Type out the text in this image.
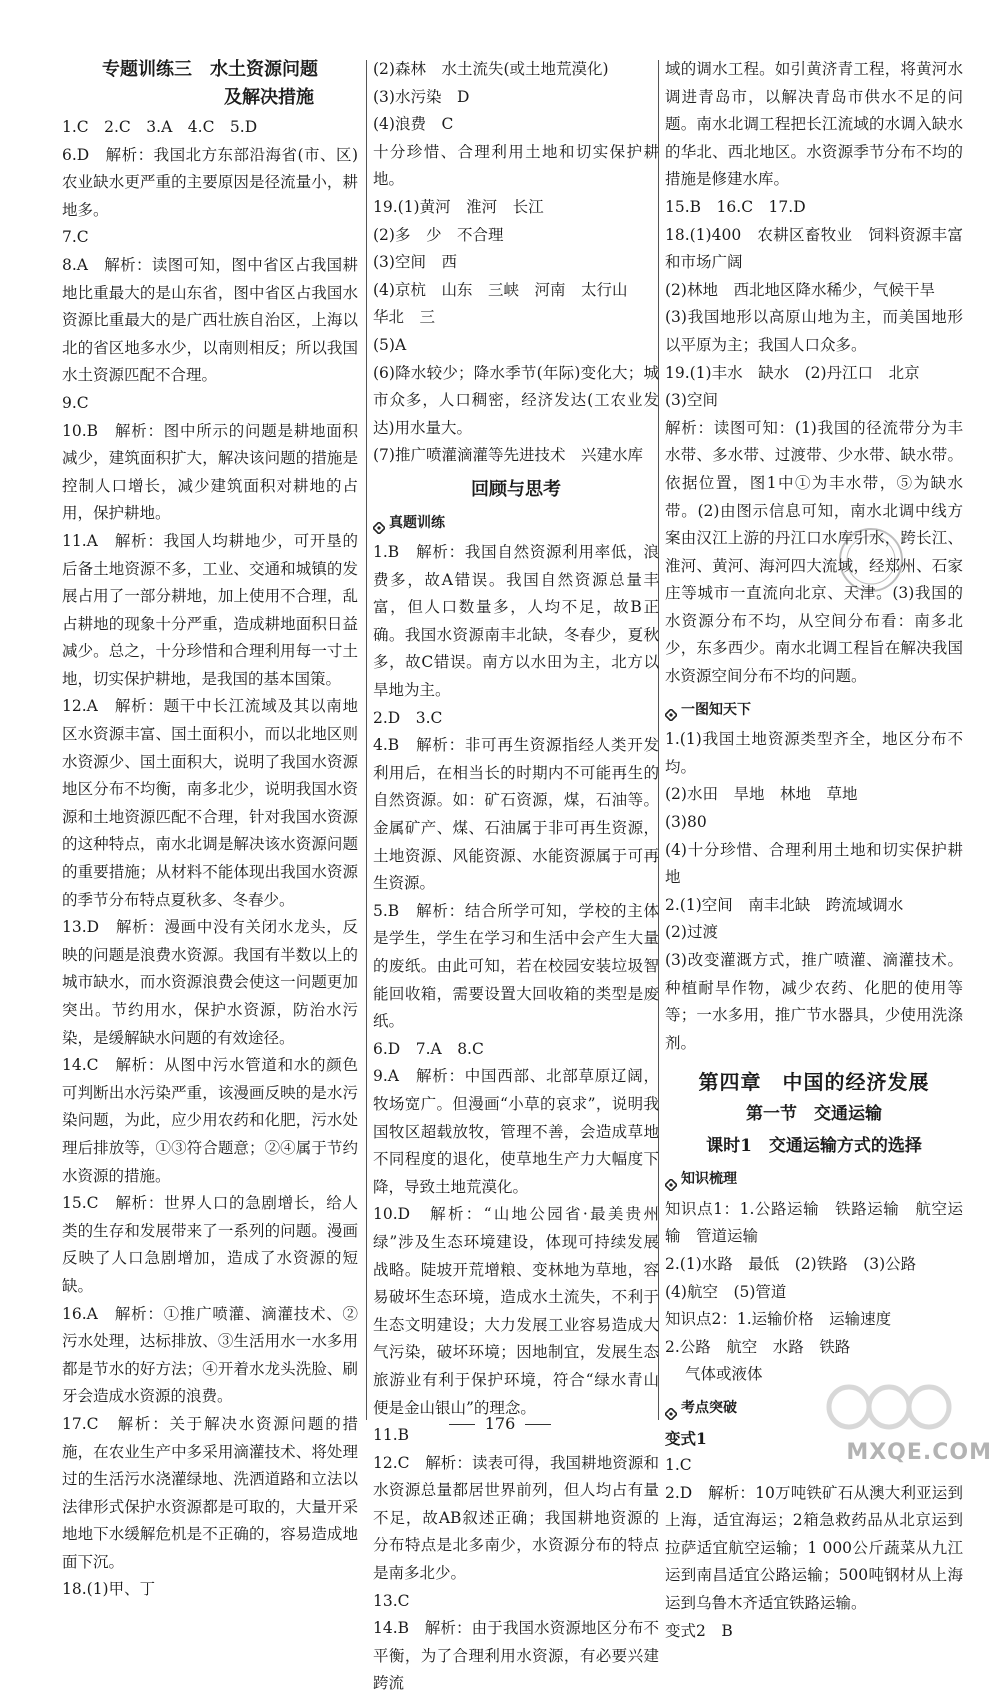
专题训练三　水土资源问题

及解决措施

1.C　2.C　3.A　4.C　5.D

6.D　解析：我国北方东部沿海省(市、区)农业缺水更严重的主要原因是径流量小，耕地多。

7.C

8.A　解析：读图可知，图中省区占我国耕地比重最大的是山东省，图中省区占我国水资源比重最大的是广西壮族自治区，上海以北的省区地多水少，以南则相反；所以我国水土资源匹配不合理。

9.C

10.B　解析：图中所示的问题是耕地面积减少，建筑面积扩大，解决该问题的措施是控制人口增长，减少建筑面积对耕地的占用，保护耕地。

11.A　解析：我国人均耕地少，可开垦的后备土地资源不多，工业、交通和城镇的发展占用了一部分耕地，加上使用不合理，乱占耕地的现象十分严重，造成耕地面积日益减少。总之，十分珍惜和合理利用每一寸土地，切实保护耕地，是我国的基本国策。

12.A　解析：题干中长江流域及其以南地区水资源丰富、国土面积小，而以北地区则水资源少、国土面积大，说明了我国水资源地区分布不均衡，南多北少，说明我国水资源和土地资源匹配不合理，针对我国水资源的这种特点，南水北调是解决该水资源问题的重要措施；从材料不能体现出我国水资源的季节分布特点夏秋多、冬春少。

13.D　解析：漫画中没有关闭水龙头，反映的问题是浪费水资源。我国有半数以上的城市缺水，而水资源浪费会使这一问题更加突出。节约用水，保护水资源，防治水污染，是缓解缺水问题的有效途径。

14.C　解析：从图中污水管道和水的颜色可判断出水污染严重，该漫画反映的是水污染问题，为此，应少用农药和化肥，污水处理后排放等，①③符合题意；②④属于节约水资源的措施。

15.C　解析：世界人口的急剧增长，给人类的生存和发展带来了一系列的问题。漫画反映了人口急剧增加，造成了水资源的短缺。

16.A　解析：①推广喷灌、滴灌技术、②污水处理，达标排放、③生活用水一水多用都是节水的好方法；④开着水龙头洗脸、刷牙会造成水资源的浪费。

17.C　解析：关于解决水资源问题的措施，在农业生产中多采用滴灌技术、将处理过的生活污水浇灌绿地、洗洒道路和立法以法律形式保护水资源都是可取的，大量开采地地下水缓解危机是不正确的，容易造成地面下沉。

18.(1)甲、丁

(2)森林　水土流失(或土地荒漠化)

(3)水污染　D

(4)浪费　C

十分珍惜、合理利用土地和切实保护耕地。

19.(1)黄河　淮河　长江

(2)多　少　不合理

(3)空间　西

(4)京杭　山东　三峡　河南　太行山

华北　三

(5)A

(6)降水较少；降水季节(年际)变化大；城市众多，人口稠密，经济发达(工农业发达)用水量大。

(7)推广喷灌滴灌等先进技术　兴建水库

回顾与思考

真题训练

1.B　解析：我国自然资源利用率低，浪费多，故A错误。我国自然资源总量丰富，但人口数量多，人均不足，故B正确。我国水资源南丰北缺，冬春少，夏秋多，故C错误。南方以水田为主，北方以旱地为主。

2.D　3.C

4.B　解析：非可再生资源指经人类开发利用后，在相当长的时期内不可能再生的自然资源。如：矿石资源，煤，石油等。金属矿产、煤、石油属于非可再生资源，土地资源、风能资源、水能资源属于可再生资源。

5.B　解析：结合所学可知，学校的主体是学生，学生在学习和生活中会产生大量的废纸。由此可知，若在校园安装垃圾智能回收箱，需要设置大回收箱的类型是废纸。

6.D　7.A　8.C

9.A　解析：中国西部、北部草原辽阔，牧场宽广。但漫画“小草的哀求”，说明我国牧区超载放牧，管理不善，会造成草地不同程度的退化，使草地生产力大幅度下降，导致土地荒漠化。

10.D　解析：“山地公园省·最美贵州绿”涉及生态环境建设，体现可持续发展战略。陡坡开荒增粮、变林地为草地，容易破坏生态环境，造成水土流失，不利于生态文明建设；大力发展工业容易造成大气污染，破坏环境；因地制宜，发展生态旅游业有利于保护环境，符合“绿水青山便是金山银山”的理念。

11.B

12.C　解析：读表可得，我国耕地资源和水资源总量都居世界前列，但人均占有量不足，故AB叙述正确；我国耕地资源的分布特点是北多南少，水资源分布的特点是南多北少。

13.C

14.B　解析：由于我国水资源地区分布不平衡，为了合理利用水资源，有必要兴建跨流

域的调水工程。如引黄济青工程，将黄河水调进青岛市，以解决青岛市供水不足的问题。南水北调工程把长江流域的水调入缺水的华北、西北地区。水资源季节分布不均的措施是修建水库。

15.B　16.C　17.D

18.(1)400　农耕区畜牧业　饲料资源丰富和市场广阔

(2)林地　西北地区降水稀少，气候干旱

(3)我国地形以高原山地为主，而美国地形以平原为主；我国人口众多。

19.(1)丰水　缺水　(2)丹江口　北京

(3)空间

解析：读图可知：(1)我国的径流带分为丰水带、多水带、过渡带、少水带、缺水带。依据位置，图1中①为丰水带，⑤为缺水带。(2)由图示信息可知，南水北调中线方案由汉江上游的丹江口水库引水，跨长江、淮河、黄河、海河四大流域，经郑州、石家庄等城市一直流向北京、天津。(3)我国的水资源分布不均，从空间分布看：南多北少，东多西少。南水北调工程旨在解决我国水资源空间分布不均的问题。

一图知天下

1.(1)我国土地资源类型齐全，地区分布不均。

(2)水田　旱地　林地　草地

(3)80

(4)十分珍惜、合理利用土地和切实保护耕地

2.(1)空间　南丰北缺　跨流域调水

(2)过渡

(3)改变灌溉方式，推广喷灌、滴灌技术。种植耐旱作物，减少农药、化肥的使用等等；一水多用，推广节水器具，少使用洗涤剂。

第四章　中国的经济发展

第一节　交通运输

课时1　交通运输方式的选择

知识梳理

知识点1：1.公路运输　铁路运输　航空运输　管道运输

2.(1)水路　最低　(2)铁路　(3)公路

(4)航空　(5)管道

知识点2：1.运输价格　运输速度

2.公路　航空　水路　铁路

气体或液体

考点突破

变式1

1.C

2.D　解析：10万吨铁矿石从澳大利亚运到上海，适宜海运；2箱急救药品从北京运到拉萨适宜航空运输；1 000公斤蔬菜从九江运到南昌适宜公路运输；500吨钢材从上海运到乌鲁木齐适宜铁路运输。

变式2　B

176
MXQE.COM
